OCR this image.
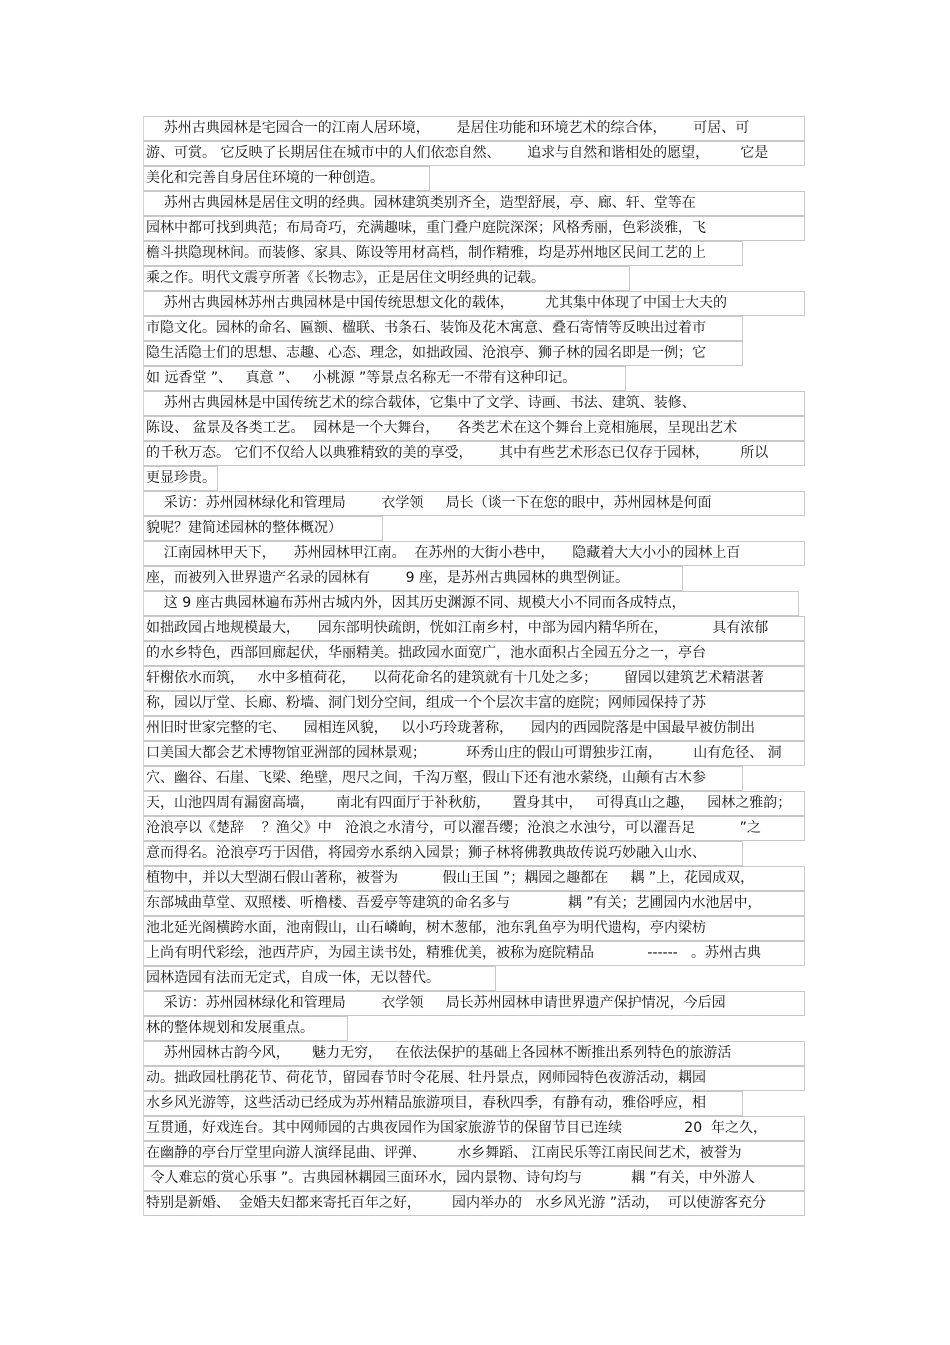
苏州古典园林是宅园合一的江南人居环境，      是居住功能和环境艺术的综合体，      可居、可
游、可赏。 它反映了长期居住在城市中的人们依恋自然、      追求与自然和谐相处的愿望，       它是
美化和完善自身居住环境的一种创造。
苏州古典园林是居住文明的经典。园林建筑类别齐全，造型舒展，亭、廊、轩、堂等在
园林中都可找到典范；布局奇巧，充满趣味，重门叠户庭院深深；风格秀丽，色彩淡雅，飞
檐斗拱隐现林间。而装修、家具、陈设等用材高档，制作精雅，均是苏州地区民间工艺的上
乘之作。明代文震亨所著《长物志》，正是居住文明经典的记载。
苏州古典园林苏州古典园林是中国传统思想文化的载体，       尤其集中体现了中国士大夫的
市隐文化。园林的命名、匾额、楹联、书条石、装饰及花木寓意、叠石寄情等反映出过着市
隐生活隐士们的思想、志趣、心态、理念，如拙政园、沧浪亭、狮子林的园名即是一例；它
如 远香堂 ”、   真意 ”、   小桃源 ”等景点名称无一不带有这种印记。
苏州古典园林是中国传统艺术的综合载体，它集中了文学、诗画、书法、建筑、装修、
陈设、 盆景及各类工艺。  园林是一个大舞台，    各类艺术在这个舞台上竞相施展，呈现出艺术
的千秋万态。 它们不仅给人以典雅精致的美的享受，      其中有些艺术形态已仅存于园林，       所以
更显珍贵。
采访：苏州园林绿化和管理局        衣学领     局长（谈一下在您的眼中，苏州园林是何面
貌呢？建简述园林的整体概况）
江南园林甲天下，    苏州园林甲江南。  在苏州的大街小巷中，    隐藏着大大小小的园林上百
座，而被列入世界遗产名录的园林有        9 座，是苏州古典园林的典型例证。
这 9 座古典园林遍布苏州古城内外，因其历史渊源不同、规模大小不同而各成特点，
如拙政园占地规模最大，    园东部明快疏朗，恍如江南乡村，中部为园内精华所在，          具有浓郁
的水乡特色，西部回廊起伏，华丽精美。拙政园水面宽广，池水面积占全园五分之一，亭台
轩榭依水而筑，   水中多植荷花，    以荷花命名的建筑就有十几处之多；      留园以建筑艺术精湛著
称，园以厅堂、长廊、粉墙、洞门划分空间，组成一个个层次丰富的庭院；网师园保持了苏
州旧时世家完整的宅、    园相连风貌，   以小巧玲珑著称，    园内的西园院落是中国最早被仿制出
口美国大都会艺术博物馆亚洲部的园林景观；         环秀山庄的假山可谓独步江南，       山有危径、 洞
穴、幽谷、石崖、飞梁、绝壁，咫尺之间，千沟万壑，假山下还有池水萦绕，山颠有古木参
天，山池四周有漏窗高墙，     南北有四面厅于补秋舫，     置身其中，   可得真山之趣，   园林之雅韵；
沧浪亭以《楚辞    ？渔父》中   沧浪之水清兮，可以濯吾缨；沧浪之水浊兮，可以濯吾足          ”之
意而得名。沧浪亭巧于因借，将园旁水系纳入园景；狮子林将佛教典故传说巧妙融入山水、
植物中，并以大型湖石假山著称，被誉为          假山王国 ”；耦园之趣都在     耦 ”上，花园成双，
东部城曲草堂、双照楼、听橹楼、吾爱亭等建筑的命名多与             耦 ”有关；艺圃园内水池居中，
池北延光阁横跨水面，池南假山，山石嶙峋，树木葱郁，池东乳鱼亭为明代遗构，亭内梁枋
上尚有明代彩绘，池西芹庐，为园主读书处，精雅优美，被称为庭院精品            ------   。苏州古典
园林造园有法而无定式，自成一体，无以替代。
采访：苏州园林绿化和管理局        衣学领     局长苏州园林申请世界遗产保护情况，今后园
林的整体规划和发展重点。
苏州园林古韵今风，     魅力无穷，   在依法保护的基础上各园林不断推出系列特色的旅游活
动。拙政园杜鹃花节、荷花节，留园春节时令花展、牡丹景点，网师园特色夜游活动，耦园
水乡风光游等，这些活动已经成为苏州精品旅游项目，春秋四季，有静有动，雅俗呼应，相
互贯通，好戏连台。其中网师园的古典夜园作为国家旅游节的保留节目已连续              20  年之久，
在幽静的亭台厅堂里向游人演绎昆曲、评弹、       水乡舞蹈、 江南民乐等江南民间艺术，被誉为
令人难忘的赏心乐事 ”。古典园林耦园三面环水，园内景物、诗句均与           耦 ”有关，中外游人
特别是新婚、  金婚夫妇都来寄托百年之好，       园内举办的   水乡风光游 ”活动，  可以使游客充分
